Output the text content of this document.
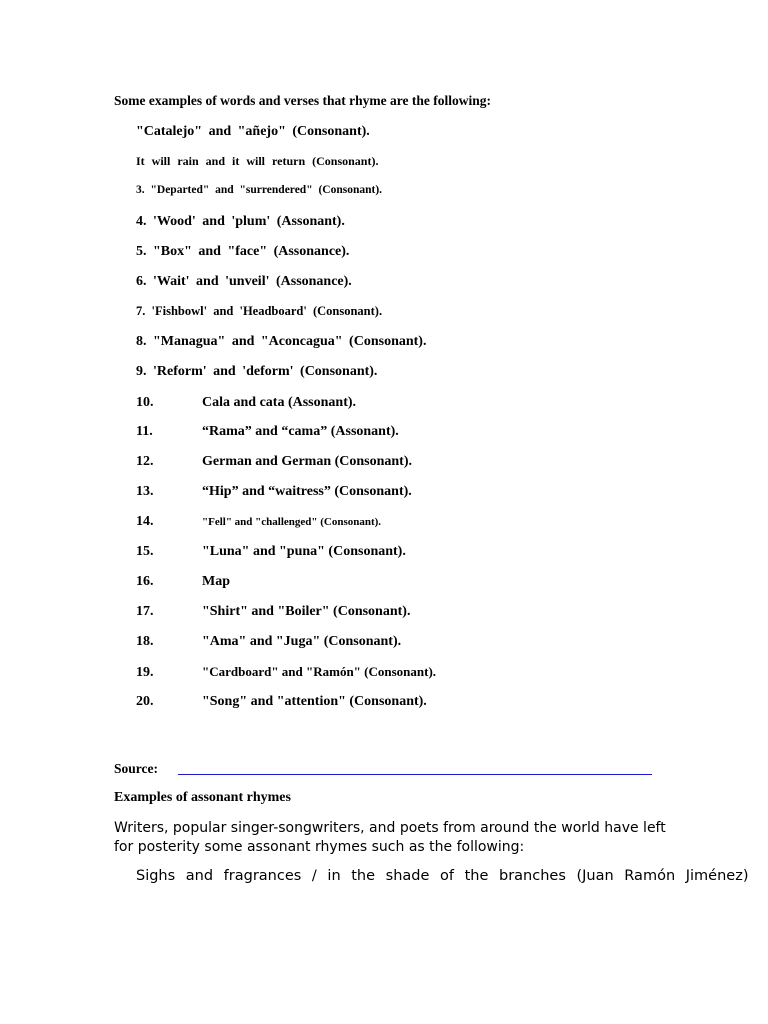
Some examples of words and verses that rhyme are the following:
"Catalejo" and "añejo" (Consonant).
It will rain and it will return (Consonant).
3. "Departed" and "surrendered" (Consonant).
4. 'Wood' and 'plum' (Assonant).
5. "Box" and "face" (Assonance).
6. 'Wait' and 'unveil' (Assonance).
7. 'Fishbowl' and 'Headboard' (Consonant).
8. "Managua" and "Aconcagua" (Consonant).
9. 'Reform' and 'deform' (Consonant).
10.	Cala and cata (Assonant).
11.	“Rama” and “cama” (Assonant).
12.	German and German (Consonant).
13.	“Hip” and “waitress” (Consonant).
14.	"Fell" and "challenged" (Consonant).
15.	"Luna" and "puna" (Consonant).
16.	Map
17.	"Shirt" and "Boiler" (Consonant).
18.	"Ama" and "Juga" (Consonant).
19.	"Cardboard" and "Ramón" (Consonant).
20.	"Song" and "attention" (Consonant).
Source:
Examples of assonant rhymes
Writers, popular singer-songwriters, and poets from around the world have left for posterity some assonant rhymes such as the following:
Sighs and fragrances / in the shade of the branches (Juan Ramón Jiménez)
